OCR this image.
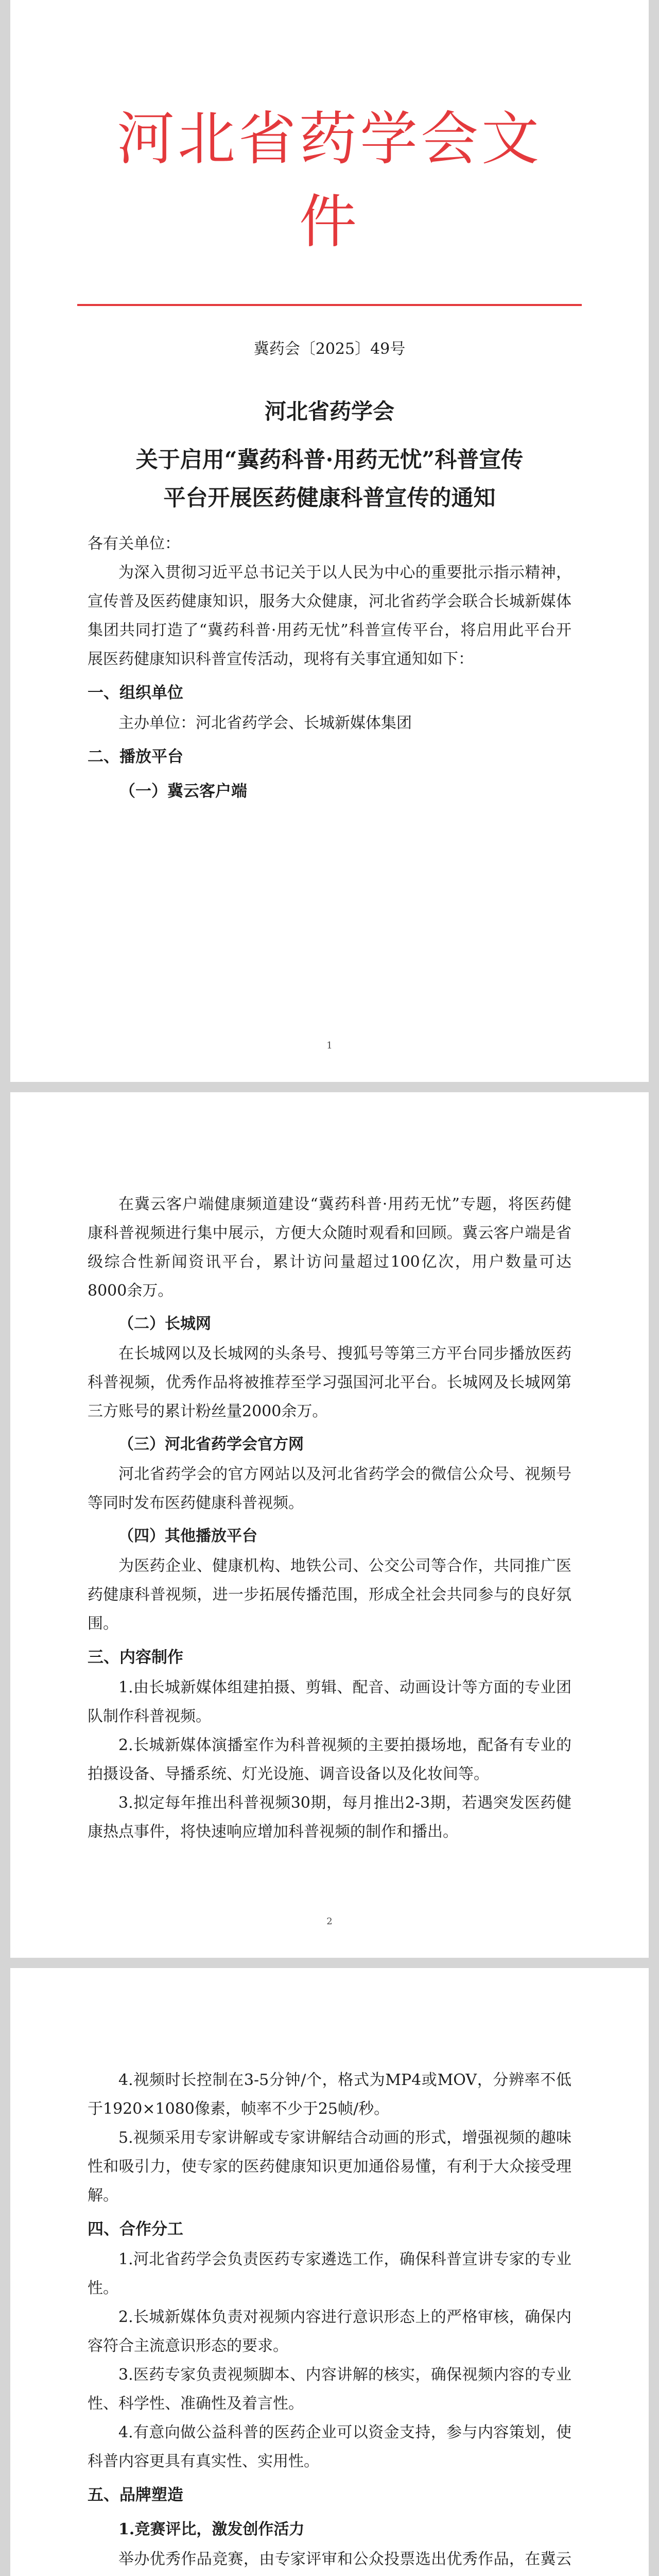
河北省药学会文件
冀药会〔2025〕49号
河北省药学会
关于启用“冀药科普·用药无忧”科普宣传
平台开展医药健康科普宣传的通知

各有关单位：

为深入贯彻习近平总书记关于以人民为中心的重要批示指示精神，宣传普及医药健康知识，服务大众健康，河北省药学会联合长城新媒体集团共同打造了“冀药科普·用药无忧”科普宣传平台，将启用此平台开展医药健康知识科普宣传活动，现将有关事宜通知如下：

一、组织单位

主办单位：河北省药学会、长城新媒体集团

二、播放平台

（一）冀云客户端

1

在冀云客户端健康频道建设“冀药科普·用药无忧”专题，将医药健康科普视频进行集中展示，方便大众随时观看和回顾。冀云客户端是省级综合性新闻资讯平台，累计访问量超过100亿次，用户数量可达8000余万。

（二）长城网

在长城网以及长城网的头条号、搜狐号等第三方平台同步播放医药科普视频，优秀作品将被推荐至学习强国河北平台。长城网及长城网第三方账号的累计粉丝量2000余万。

（三）河北省药学会官方网

河北省药学会的官方网站以及河北省药学会的微信公众号、视频号等同时发布医药健康科普视频。

（四）其他播放平台

为医药企业、健康机构、地铁公司、公交公司等合作，共同推广医药健康科普视频，进一步拓展传播范围，形成全社会共同参与的良好氛围。

三、内容制作

1.由长城新媒体组建拍摄、剪辑、配音、动画设计等方面的专业团队制作科普视频。

2.长城新媒体演播室作为科普视频的主要拍摄场地，配备有专业的拍摄设备、导播系统、灯光设施、调音设备以及化妆间等。

3.拟定每年推出科普视频30期，每月推出2-3期，若遇突发医药健康热点事件，将快速响应增加科普视频的制作和播出。

2

4.视频时长控制在3-5分钟/个，格式为MP4或MOV，分辨率不低于1920×1080像素，帧率不少于25帧/秒。

5.视频采用专家讲解或专家讲解结合动画的形式，增强视频的趣味性和吸引力，使专家的医药健康知识更加通俗易懂，有利于大众接受理解。

四、合作分工

1.河北省药学会负责医药专家遴选工作，确保科普宣讲专家的专业性。

2.长城新媒体负责对视频内容进行意识形态上的严格审核，确保内容符合主流意识形态的要求。

3.医药专家负责视频脚本、内容讲解的核实，确保视频内容的专业性、科学性、准确性及着言性。

4.有意向做公益科普的医药企业可以资金支持，参与内容策划，使科普内容更具有真实性、实用性。

五、品牌塑造

1.竞赛评比，激发创作活力

举办优秀作品竞赛，由专家评审和公众投票选出优秀作品，在冀云
